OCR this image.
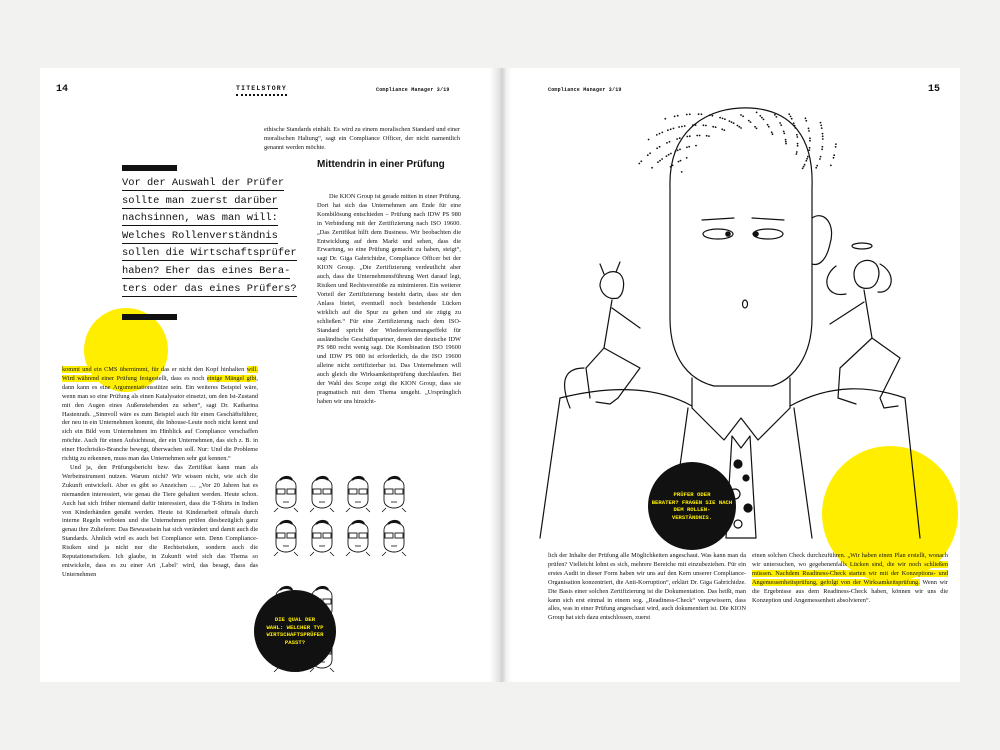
14	TITELSTORY	Compliance Manager 3/19
Vor der Auswahl der Prüfer
sollte man zuerst darüber
nachsinnen, was man will:
Welches Rollenverständnis
sollen die Wirtschaftsprüfer
haben? Eher das eines Bera-
ters oder das eines Prüfers?

kommt und ein CMS übernimmt, für das er nicht den Kopf hinhalten will. Wird während einer Prüfung festgestellt, dass es noch einige Mängel gibt, dann kann es eine Argumentationsstütze sein. Ein weiteres Beispiel wäre, wenn man so eine Prüfung als einen Katalysator einsetzt, um den Ist-Zustand mit den Augen eines Außenstehenden zu sehen“, sagt Dr. Katharina Hastenrath. „Sinnvoll wäre es zum Beispiel auch für einen Geschäftsführer, der neu in ein Unternehmen kommt, die Inhouse-Leute noch nicht kennt und sich ein Bild vom Unternehmen im Hinblick auf Compliance verschaffen möchte. Auch für einen Aufsichtsrat, der ein Unternehmen, das sich z. B. in einer Hochrisiko-Branche bewegt, überwachen soll. Nur: Und die Probleme richtig zu erkennen, muss man das Unternehmen sehr gut kennen.“

Und ja, den Prüfungsbericht bzw. das Zertifikat kann man als Werbeinstrument nutzen. Warum nicht? Wir wissen nicht, wie sich die Zukunft entwickelt. Aber es gibt so Anzeichen … „Vor 20 Jahren hat es niemanden interessiert, wie genau die Tiere gehalten werden. Heute schon. Auch hat sich früher niemand dafür interessiert, dass die T-Shirts in Indien von Kinderhänden genäht werden. Heute ist Kinderarbeit oftmals durch interne Regeln verboten und die Unternehmen prüfen diesbezüglich ganz genau ihre Zulieferer. Das Bewusstsein hat sich verändert und damit auch die Standards. Ähnlich wird es auch bei Compliance sein. Denn Compliance-Risiken sind ja nicht nur die Rechtsrisiken, sondern auch die Reputationsrisiken. Ich glaube, in Zukunft wird sich das Thema so entwickeln, dass es zu einer Art ‚Label‘ wird, das besagt, dass das Unternehmen

ethische Standards einhält. Es wird zu einem moralischen Standard und einer moralischen Haltung“, sagt ein Compliance Officer, der nicht namentlich genannt werden möchte.
Mittendrin in einer Prüfung
Die KION Group ist gerade mitten in einer Prüfung. Dort hat sich das Unternehmen am Ende für eine Kombilösung entschieden – Prüfung nach IDW PS 980 in Verbindung mit der Zertifizierung nach ISO 19600. „Das Zertifikat hilft dem Business. Wir beobachten die Entwicklung auf dem Markt und sehen, dass die Erwartung, so eine Prüfung gemacht zu haben, steigt“, sagt Dr. Giga Gabrichidze, Compliance Officer bei der KION Group. „Die Zertifizierung verdeutlicht aber auch, dass die Unternehmensführung Wert darauf legt, Risiken und Rechtsverstöße zu minimieren. Ein weiterer Vorteil der Zertifizierung besteht darin, dass sie den Anlass bietet, eventuell noch bestehende Lücken wirklich auf die Spur zu gehen und sie zügig zu schließen.“ Für eine Zertifizierung nach dem ISO-Standard spricht der Wiedererkennungseffekt für ausländische Geschäftspartner, denen der deutsche IDW PS 980 recht wenig sagt. Die Kombination ISO 19600 und IDW PS 980 ist erforderlich, da die ISO 19600 alleine nicht zertifizierbar ist. Das Unternehmen will auch gleich die Wirksamkeitsprüfung durchlaufen. Bei der Wahl des Scope zeigt die KION Group, dass sie pragmatisch mit dem Thema umgeht. „Ursprünglich haben wir uns hinsicht-
DIE QUAL DER
WAHL: WELCHER TYP
WIRTSCHAFTSPRÜFER
PASST?
Compliance Manager 3/19	15
PRÜFER ODER
BERATER? FRAGEN SIE NACH
DEM ROLLEN-
VERSTÄNDNIS.
lich der Inhalte der Prüfung alle Möglichkeiten angeschaut. Was kann man da prüfen? Vielleicht lohnt es sich, mehrere Bereiche mit einzubeziehen. Für ein erstes Audit in dieser Form haben wir uns auf den Kern unserer Compliance-Organisation konzentriert, die Anti-Korruption“, erklärt Dr. Giga Gabrichidze. Die Basis einer solchen Zertifizierung ist die Dokumentation. Das heißt, man kann sich erst einmal in einem sog. „Readiness-Check“ vergewissern, dass alles, was in einer Prüfung angeschaut wird, auch dokumentiert ist. Die KION Group hat sich dazu entschlossen, zuerst
einen solchen Check durchzuführen. „Wir haben einen Plan erstellt, wonach wir untersuchen, wo gegebenenfalls Lücken sind, die wir noch schließen müssen. Nachdem Readiness-Check starten wir mit der Konzeptions- und Angemessenheitsprüfung, gefolgt von der Wirksamkeitsprüfung. Wenn wir die Ergebnisse aus dem Readiness-Check haben, können wir uns die Konzeption und Angemessenheit absolvieren“.
